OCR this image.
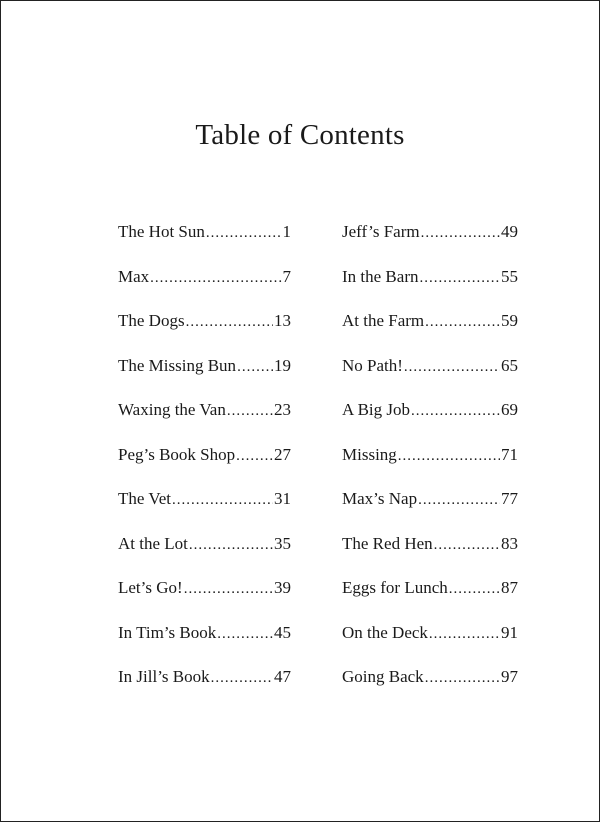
Table of Contents
The Hot Sun .....	1
Max .....	7
The Dogs .....	13
The Missing Bun ..... 19
Waxing the Van .....	23
Peg’s Book Shop ..... 27
The Vet .....	31
At the Lot .....	35
Let’s Go! .....	39
In Tim’s Book .....	45
In Jill’s Book .....	47
Jeff’s Farm .....	49
In the Barn .....	55
At the Farm .....	59
No Path! .....	65
A Big Job .....	69
Missing .....	71
Max’s Nap .....	77
The Red Hen .....	83
Eggs for Lunch .....	87
On the Deck .....	91
Going Back .....	97
